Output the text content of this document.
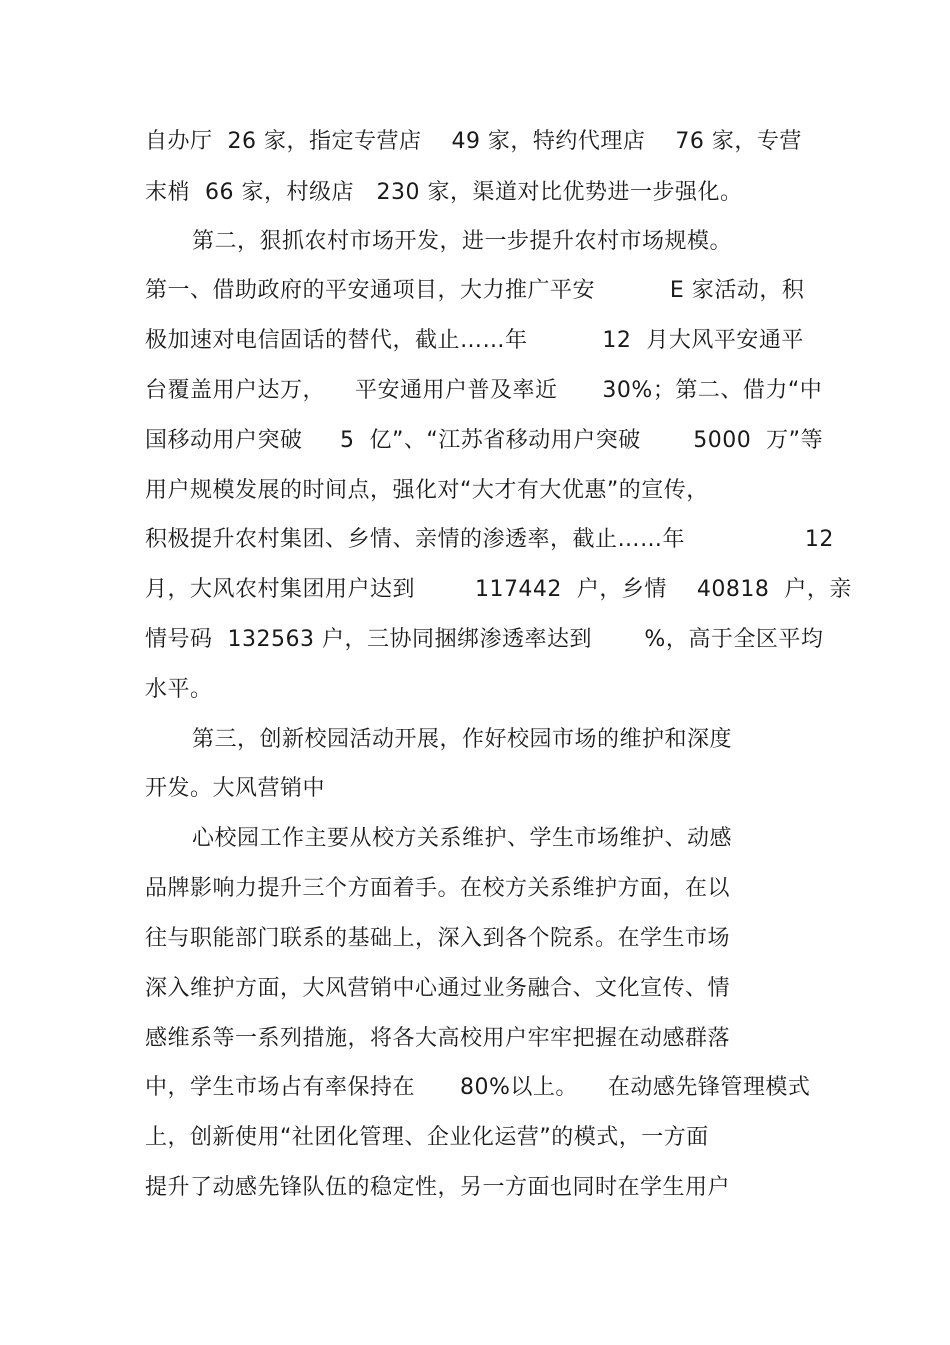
自办厅  26 家，指定专营店    49 家，特约代理店    76 家，专营
末梢  66 家，村级店   230 家，渠道对比优势进一步强化。
第二，狠抓农村市场开发，进一步提升农村市场规模。
第一、借助政府的平安通项目，大力推广平安          E 家活动，积
极加速对电信固话的替代，截止……年          12  月大风平安通平
台覆盖用户达万，    平安通用户普及率近      30%；第二、借力“中
国移动用户突破     5  亿”、“江苏省移动用户突破       5000  万”等
用户规模发展的时间点，强化对“大才有大优惠”的宣传，
积极提升农村集团、乡情、亲情的渗透率，截止……年                12
月，大风农村集团用户达到        117442  户，乡情    40818  户，亲
情号码  132563 户，三协同捆绑渗透率达到       %，高于全区平均
水平。
第三，创新校园活动开展，作好校园市场的维护和深度
开发。大风营销中
心校园工作主要从校方关系维护、学生市场维护、动感
品牌影响力提升三个方面着手。在校方关系维护方面，在以
往与职能部门联系的基础上，深入到各个院系。在学生市场
深入维护方面，大风营销中心通过业务融合、文化宣传、情
感维系等一系列措施，将各大高校用户牢牢把握在动感群落
中，学生市场占有率保持在      80%以上。    在动感先锋管理模式
上，创新使用“社团化管理、企业化运营”的模式，一方面
提升了动感先锋队伍的稳定性，另一方面也同时在学生用户
